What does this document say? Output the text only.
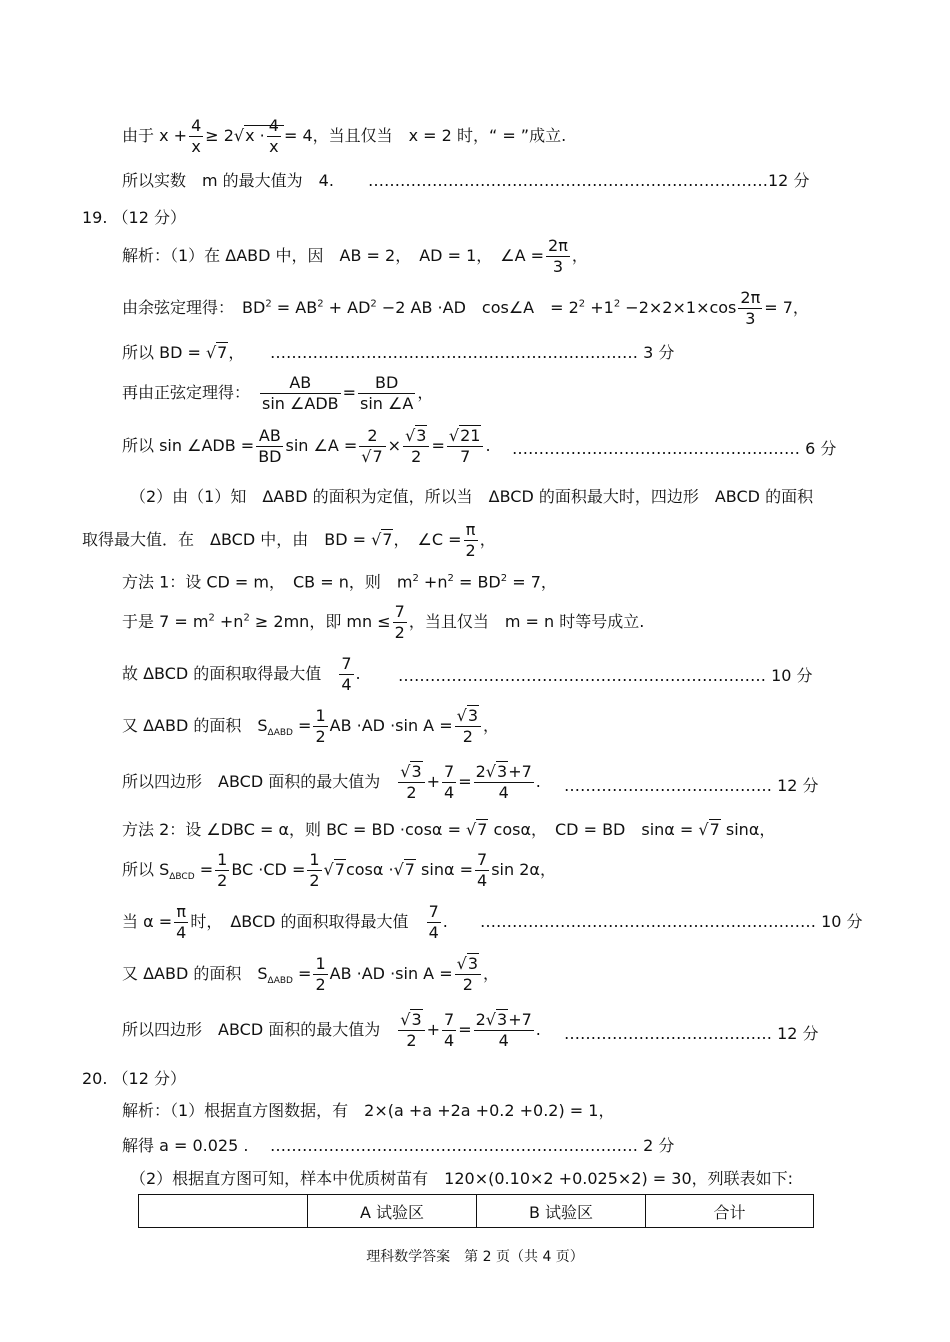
由于 $x + \frac{4}{x} \ge 2√x \cdot \frac{4}{x} = 4$，当且仅当　x = 2 时，“ = ”成立.
所以实数　m 的最大值为　4. …………………………………………………………………12 分
19. （12 分）
解析：（1）在 ΔABD 中，因　AB = 2，　AD = 1，　∠A = $\frac{2\pi}{3}$ ，
由余弦定理得：　$BD^2 = AB^2 + AD^2 -2$ AB ·AD　cos∠A　= $2^2 +1^2 -2\times 2\times 1\times\cos \frac{2\pi}{3} = 7$，
所以 BD = √7， …………………………………………………………… 3 分
再由正弦定理得：　 $\frac{AB}{\text{sin ∠ADB}} = \frac{BD}{\sin \angle A}$ ，
所以 sin ∠ADB = $\frac{AB}{BD}$ sin ∠A = $\frac{2}{√7} \times \frac{√3}{2} = \frac{√21}{7}$ . ……………………………………………… 6 分
（2）由（1）知　ΔABD 的面积为定值，所以当　ΔBCD 的面积最大时，四边形　ABCD 的面积
取得最大值．在　ΔBCD 中，由　BD = √7，　∠C = $\frac{\pi}{2}$ ，
方法 1：设 CD = m，　CB = n，则　$m^2 +n^2 = BD^2 = 7$，
于是 $7 = m^2 +n^2 \ge 2mn$，即 mn ≤ $\frac{7}{2}$ ，当且仅当　m = n 时等号成立.
故 ΔBCD 的面积取得最大值　 $\frac{7}{4}$ . …………………………………………………………… 10 分
又 ΔABD 的面积　$S_{\Delta ABD} = \frac{1}{2}$ AB ·AD ·sin $A = \frac{√3}{2}$ ，
所以四边形　ABCD 面积的最大值为　 $\frac{√3}{2} + \frac{7}{4} = \frac{2√3+7}{4}$ . ………………………………… 12 分
方法 2：设 ∠DBC = α，则 BC = BD ·cosα = √7 cosα，　CD = BD　sinα = √7 sinα，
所以 $S_{\Delta BCD} = \frac{1}{2}$ BC $\cdot CD = \frac{1}{2} √7\cos\alpha \cdot√7$ $\sin\alpha = \frac{7}{4}$ sin 2α，
当 $\alpha = \frac{\pi}{4}$ 时，　ΔBCD 的面积取得最大值　 $\frac{7}{4}$ . ……………………………………………………… 10 分
又 ΔABD 的面积　$S_{\Delta ABD} = \frac{1}{2}$ AB ·AD ·sin $A = \frac{√3}{2}$ ，
所以四边形　ABCD 面积的最大值为　 $\frac{√3}{2} + \frac{7}{4} = \frac{2√3+7}{4}$ . ………………………………… 12 分
20. （12 分）
解析：（1）根据直方图数据，有　2×(a +a +2a +0.2 +0.2) = 1，
解得 a = 0.025 . …………………………………………………………… 2 分
（2）根据直方图可知，样本中优质树苗有　120×(0.10×2 +0.025×2) = 30，列联表如下:
	A 试验区	B 试验区	合计
理科数学答案　第 2 页（共 4 页）
